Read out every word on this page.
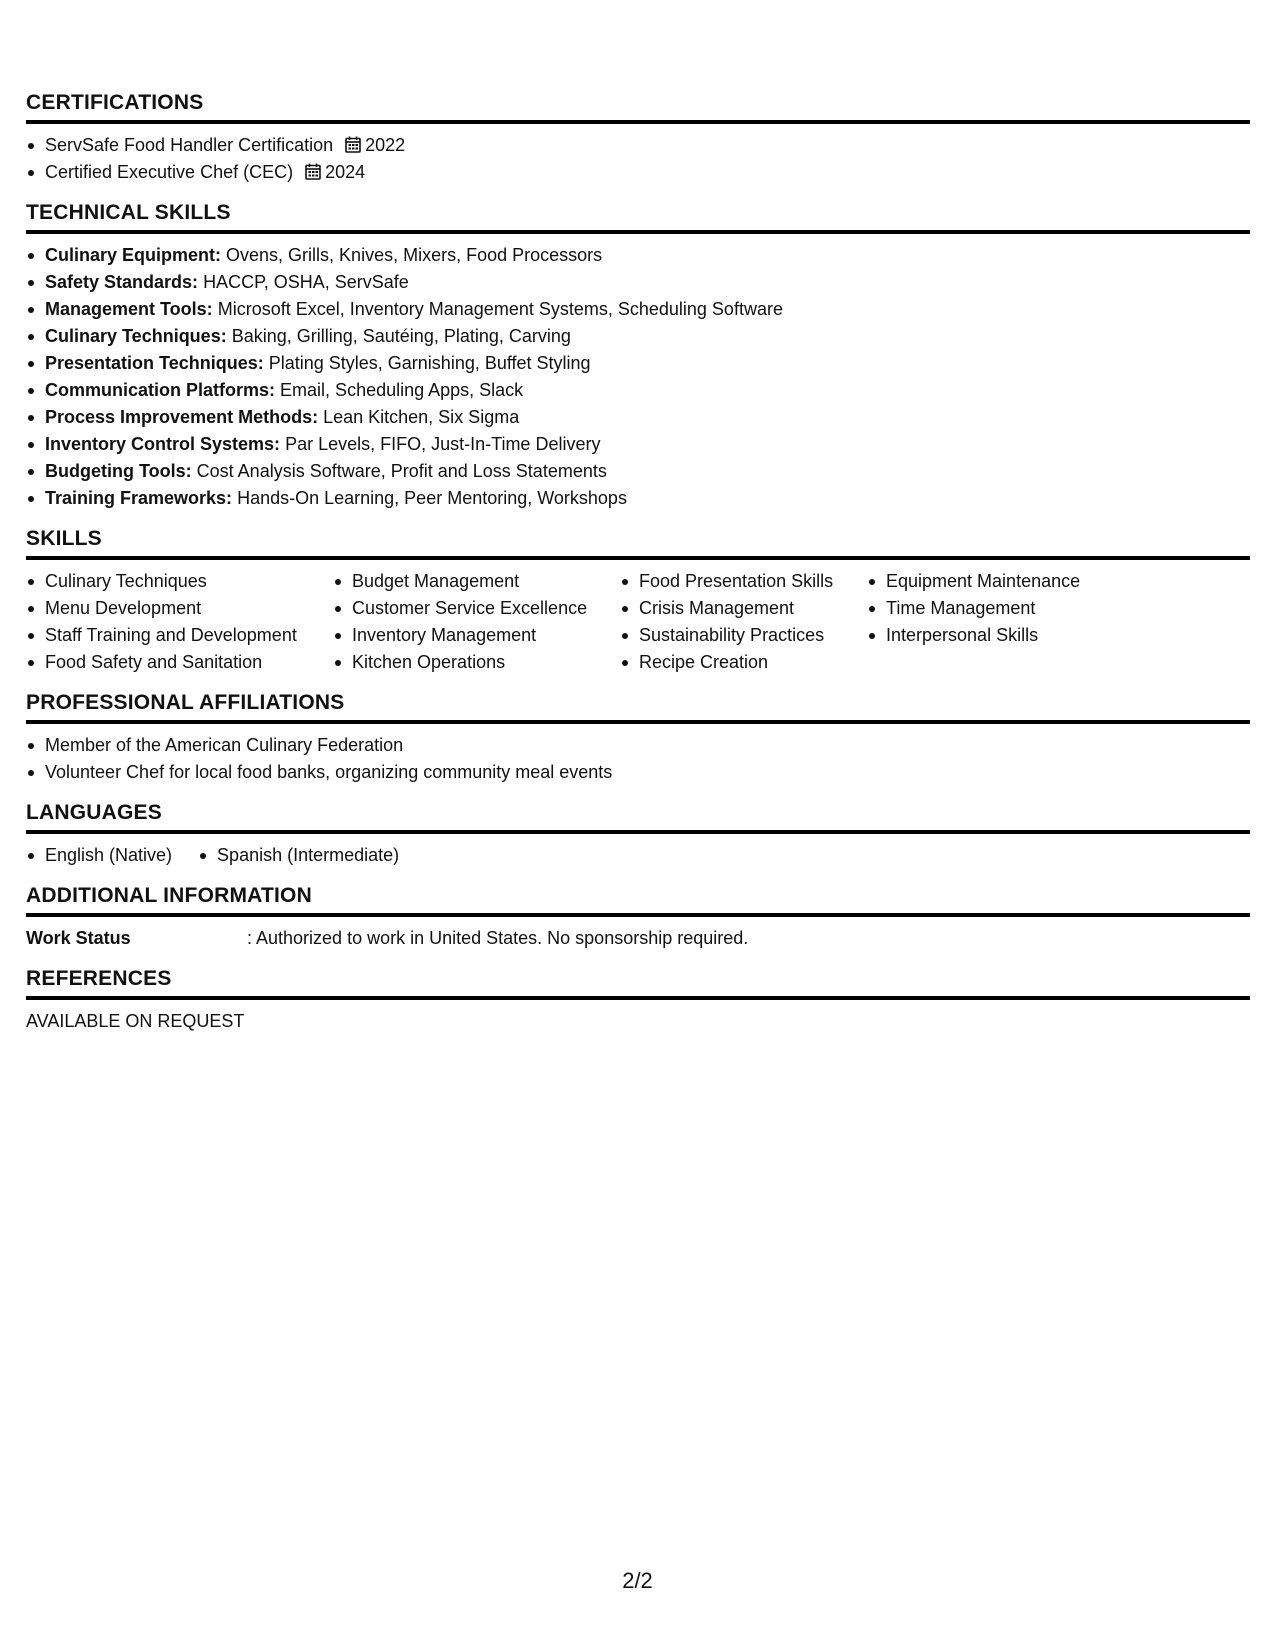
CERTIFICATIONS
ServSafe Food Handler Certification 2022
Certified Executive Chef (CEC) 2024
TECHNICAL SKILLS
Culinary Equipment: Ovens, Grills, Knives, Mixers, Food Processors
Safety Standards: HACCP, OSHA, ServSafe
Management Tools: Microsoft Excel, Inventory Management Systems, Scheduling Software
Culinary Techniques: Baking, Grilling, Sautéing, Plating, Carving
Presentation Techniques: Plating Styles, Garnishing, Buffet Styling
Communication Platforms: Email, Scheduling Apps, Slack
Process Improvement Methods: Lean Kitchen, Six Sigma
Inventory Control Systems: Par Levels, FIFO, Just-In-Time Delivery
Budgeting Tools: Cost Analysis Software, Profit and Loss Statements
Training Frameworks: Hands-On Learning, Peer Mentoring, Workshops
SKILLS
Culinary Techniques
Menu Development
Staff Training and Development
Food Safety and Sanitation
Budget Management
Customer Service Excellence
Inventory Management
Kitchen Operations
Food Presentation Skills
Crisis Management
Sustainability Practices
Recipe Creation
Equipment Maintenance
Time Management
Interpersonal Skills
PROFESSIONAL AFFILIATIONS
Member of the American Culinary Federation
Volunteer Chef for local food banks, organizing community meal events
LANGUAGES
English (Native)	Spanish (Intermediate)
ADDITIONAL INFORMATION
Work Status	: Authorized to work in United States. No sponsorship required.
REFERENCES
AVAILABLE ON REQUEST
2/2
